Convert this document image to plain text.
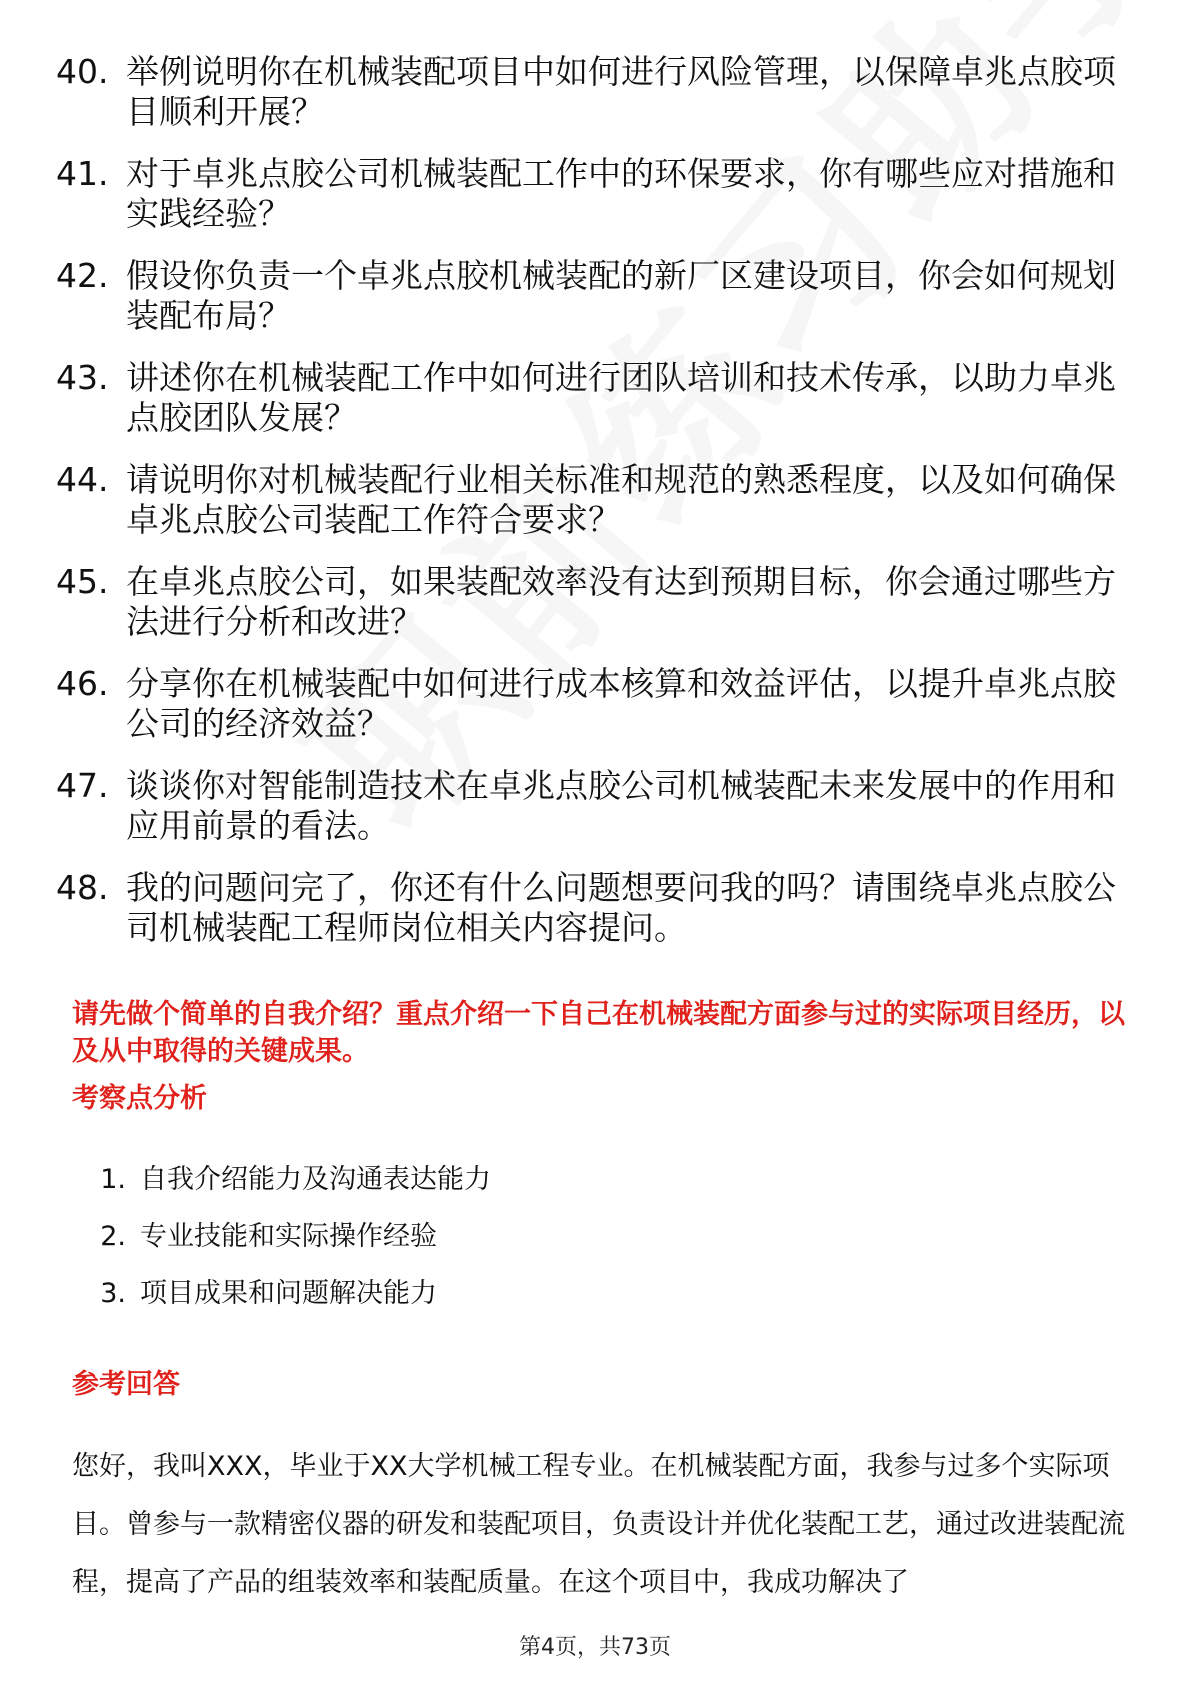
40. 举例说明你在机械装配项目中如何进行风险管理，以保障卓兆点胶项目顺利开展？
41. 对于卓兆点胶公司机械装配工作中的环保要求，你有哪些应对措施和实践经验？
42. 假设你负责一个卓兆点胶机械装配的新厂区建设项目，你会如何规划装配布局？
43. 讲述你在机械装配工作中如何进行团队培训和技术传承，以助力卓兆点胶团队发展？
44. 请说明你对机械装配行业相关标准和规范的熟悉程度，以及如何确保卓兆点胶公司装配工作符合要求？
45. 在卓兆点胶公司，如果装配效率没有达到预期目标，你会通过哪些方法进行分析和改进？
46. 分享你在机械装配中如何进行成本核算和效益评估，以提升卓兆点胶公司的经济效益？
47. 谈谈你对智能制造技术在卓兆点胶公司机械装配未来发展中的作用和应用前景的看法。
48. 我的问题问完了，你还有什么问题想要问我的吗？请围绕卓兆点胶公司机械装配工程师岗位相关内容提问。
请先做个简单的自我介绍？重点介绍一下自己在机械装配方面参与过的实际项目经历，以及从中取得的关键成果。
考察点分析
1. 自我介绍能力及沟通表达能力
2. 专业技能和实际操作经验
3. 项目成果和问题解决能力
参考回答
您好，我叫XXX，毕业于XX大学机械工程专业。在机械装配方面，我参与过多个实际项目。曾参与一款精密仪器的研发和装配项目，负责设计并优化装配工艺，通过改进装配流程，提高了产品的组装效率和装配质量。在这个项目中，我成功解决了
第4页，共73页
